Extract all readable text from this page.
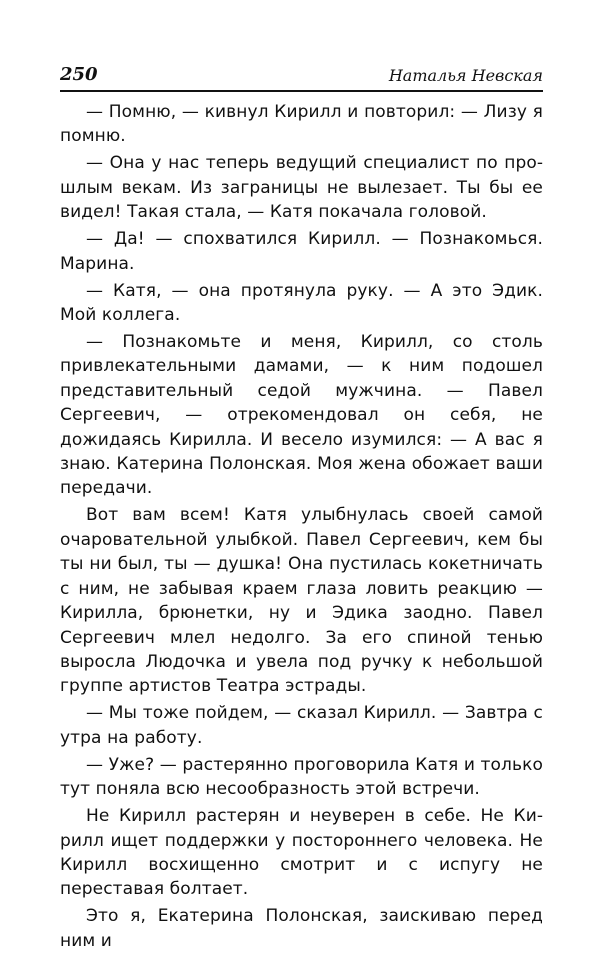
250	Наталья Невская

— Помню, — кивнул Кирилл и повторил: — Лизу я помню.

— Она у нас теперь ведущий специалист по прошлым векам. Из заграницы не вылезает. Ты бы ее видел! Такая стала, — Катя покачала головой.

— Да! — спохватился Кирилл. — Познакомься. Марина.

— Катя, — она протянула руку. — А это Эдик. Мой коллега.

— Познакомьте и меня, Кирилл, со столь привлекательными дамами, — к ним подошел представительный седой мужчина. — Павел Сергеевич, — отрекомендовал он себя, не дожидаясь Кирилла. И весело изумился: — А вас я знаю. Катерина Полонская. Моя жена обожает ваши передачи.

Вот вам всем! Катя улыбнулась своей самой очаровательной улыбкой. Павел Сергеевич, кем бы ты ни был, ты — душка! Она пустилась кокетничать с ним, не забывая краем глаза ловить реакцию — Кирилла, брюнетки, ну и Эдика заодно. Павел Сергеевич млел недолго. За его спиной тенью выросла Людочка и увела под ручку к небольшой группе артистов Театра эстрады.

— Мы тоже пойдем, — сказал Кирилл. — Завтра с утра на работу.

— Уже? — растерянно проговорила Катя и только тут поняла всю несообразность этой встречи.

Не Кирилл растерян и неуверен в себе. Не Кирилл ищет поддержки у постороннего человека. Не Кирилл восхищенно смотрит и с испугу не переставая болтает.

Это я, Екатерина Полонская, заискиваю перед ним и
